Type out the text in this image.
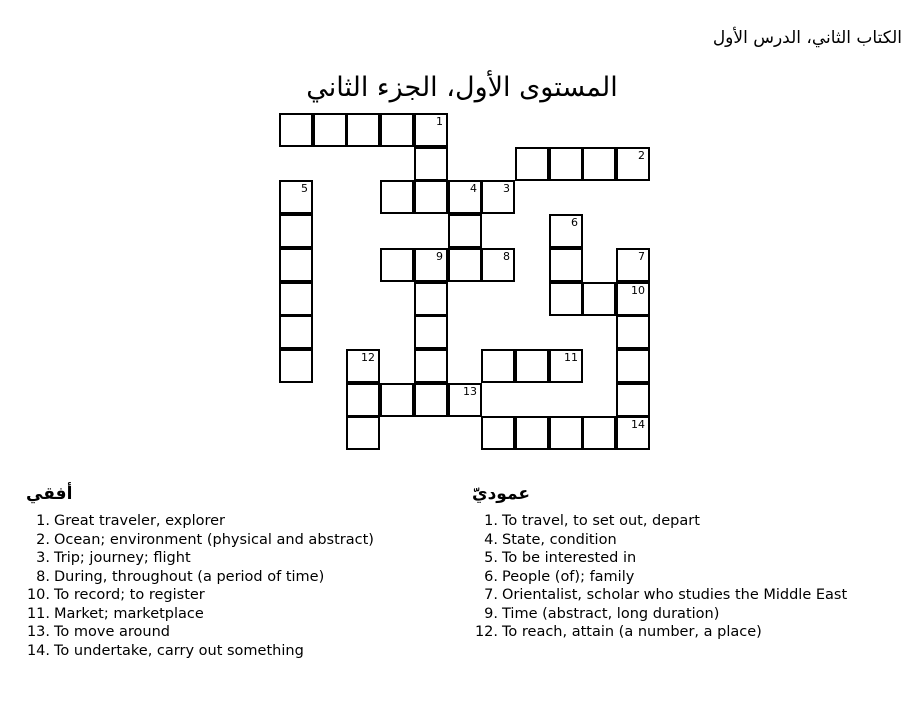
الكتاب الثاني، الدرس الأول
المستوى الأول، الجزء الثاني
1
2
5	4 3
6
9	8	7
10
12	11
13
14
أفقي
1. Great traveler, explorer
2. Ocean; environment (physical and abstract)
3. Trip; journey; flight
8. During, throughout (a period of time)
10. To record; to register
11. Market; marketplace
13. To move around
14. To undertake, carry out something
عموديّ
1. To travel, to set out, depart
4. State, condition
5. To be interested in
6. People (of); family
7. Orientalist, scholar who studies the Middle East
9. Time (abstract, long duration)
12. To reach, attain (a number, a place)
